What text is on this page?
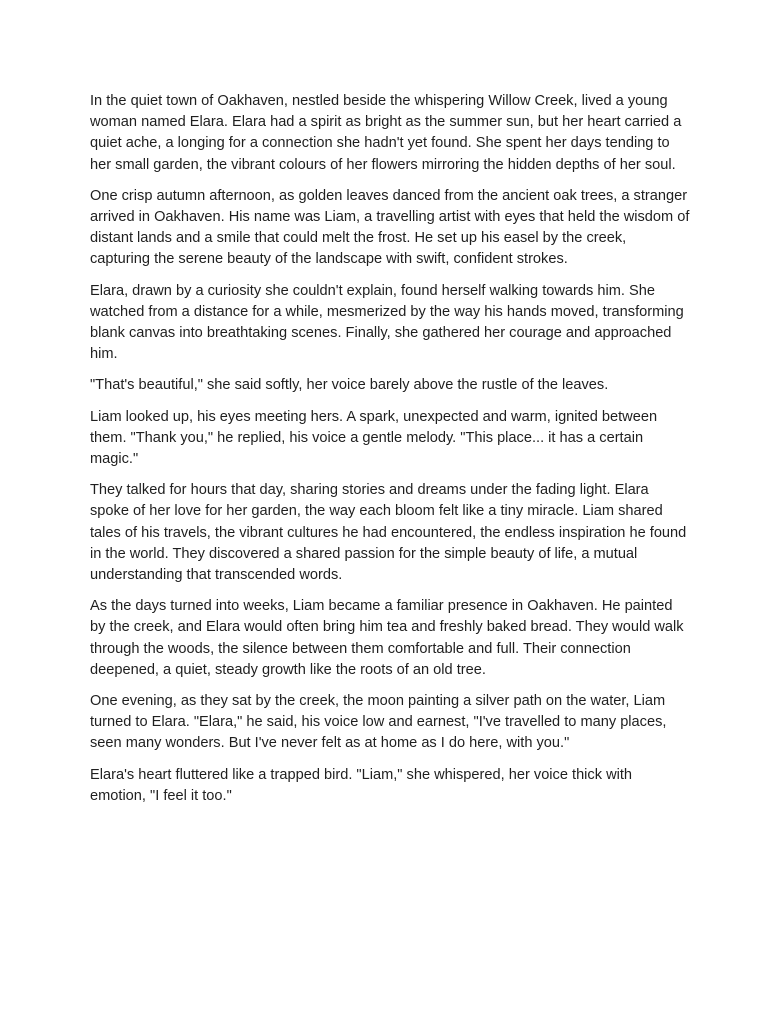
In the quiet town of Oakhaven, nestled beside the whispering Willow Creek, lived a young woman named Elara. Elara had a spirit as bright as the summer sun, but her heart carried a quiet ache, a longing for a connection she hadn't yet found. She spent her days tending to her small garden, the vibrant colours of her flowers mirroring the hidden depths of her soul.

One crisp autumn afternoon, as golden leaves danced from the ancient oak trees, a stranger arrived in Oakhaven. His name was Liam, a travelling artist with eyes that held the wisdom of distant lands and a smile that could melt the frost. He set up his easel by the creek, capturing the serene beauty of the landscape with swift, confident strokes.

Elara, drawn by a curiosity she couldn't explain, found herself walking towards him. She watched from a distance for a while, mesmerized by the way his hands moved, transforming blank canvas into breathtaking scenes. Finally, she gathered her courage and approached him.

"That's beautiful," she said softly, her voice barely above the rustle of the leaves.

Liam looked up, his eyes meeting hers. A spark, unexpected and warm, ignited between them. "Thank you," he replied, his voice a gentle melody. "This place... it has a certain magic."

They talked for hours that day, sharing stories and dreams under the fading light. Elara spoke of her love for her garden, the way each bloom felt like a tiny miracle. Liam shared tales of his travels, the vibrant cultures he had encountered, the endless inspiration he found in the world. They discovered a shared passion for the simple beauty of life, a mutual understanding that transcended words.

As the days turned into weeks, Liam became a familiar presence in Oakhaven. He painted by the creek, and Elara would often bring him tea and freshly baked bread. They would walk through the woods, the silence between them comfortable and full. Their connection deepened, a quiet, steady growth like the roots of an old tree.

One evening, as they sat by the creek, the moon painting a silver path on the water, Liam turned to Elara. "Elara," he said, his voice low and earnest, "I've travelled to many places, seen many wonders. But I've never felt as at home as I do here, with you."

Elara's heart fluttered like a trapped bird. "Liam," she whispered, her voice thick with emotion, "I feel it too."
